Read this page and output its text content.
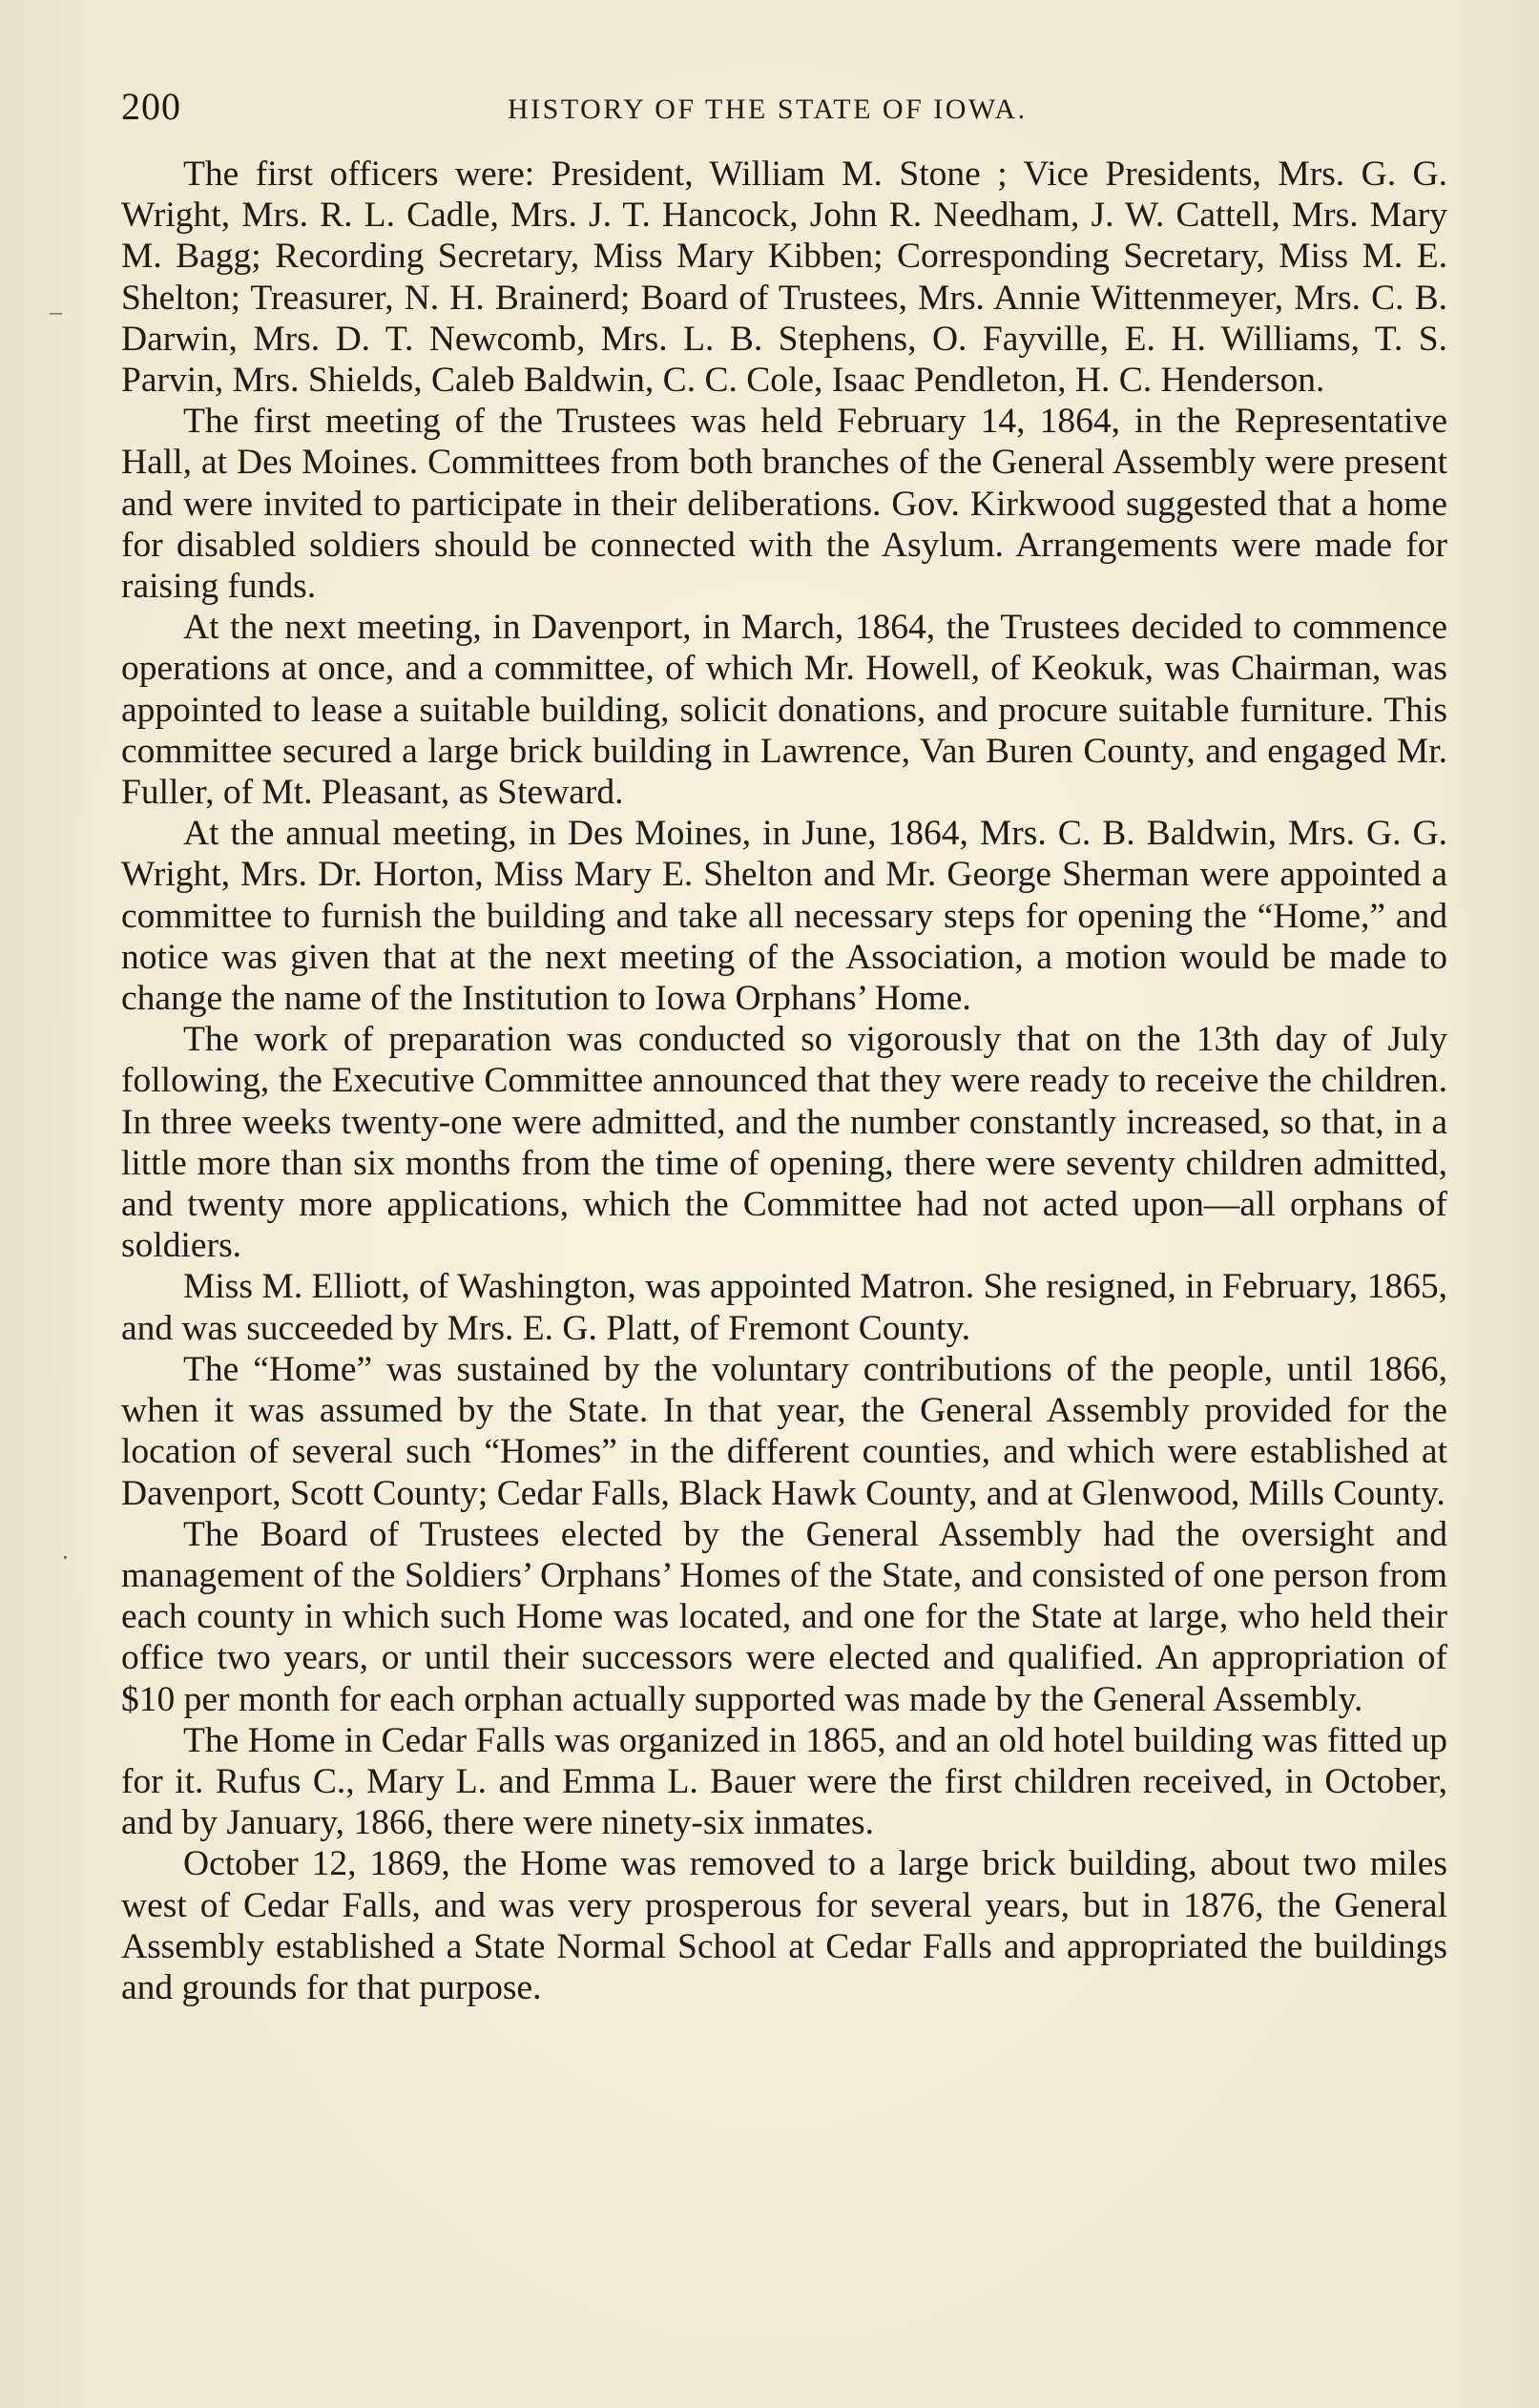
200	HISTORY OF THE STATE OF IOWA.
–
·

The first officers were: President, William M. Stone ; Vice Presidents, Mrs. G. G. Wright, Mrs. R. L. Cadle, Mrs. J. T. Hancock, John R. Needham, J. W. Cattell, Mrs. Mary M. Bagg; Recording Secretary, Miss Mary Kibben; Corresponding Secretary, Miss M. E. Shelton; Treasurer, N. H. Brainerd; Board of Trustees, Mrs. Annie Wittenmeyer, Mrs. C. B. Darwin, Mrs. D. T. Newcomb, Mrs. L. B. Stephens, O. Fayville, E. H. Williams, T. S. Parvin, Mrs. Shields, Caleb Baldwin, C. C. Cole, Isaac Pendleton, H. C. Henderson.

The first meeting of the Trustees was held February 14, 1864, in the Representative Hall, at Des Moines. Committees from both branches of the General Assembly were present and were invited to participate in their deliberations. Gov. Kirkwood suggested that a home for disabled soldiers should be connected with the Asylum. Arrangements were made for raising funds.

At the next meeting, in Davenport, in March, 1864, the Trustees decided to commence operations at once, and a committee, of which Mr. Howell, of Keokuk, was Chairman, was appointed to lease a suitable building, solicit donations, and procure suitable furniture. This committee secured a large brick building in Lawrence, Van Buren County, and engaged Mr. Fuller, of Mt. Pleasant, as Steward.

At the annual meeting, in Des Moines, in June, 1864, Mrs. C. B. Baldwin, Mrs. G. G. Wright, Mrs. Dr. Horton, Miss Mary E. Shelton and Mr. George Sherman were appointed a committee to furnish the building and take all necessary steps for opening the “Home,” and notice was given that at the next meeting of the Association, a motion would be made to change the name of the Institution to Iowa Orphans’ Home.

The work of preparation was conducted so vigorously that on the 13th day of July following, the Executive Committee announced that they were ready to receive the children. In three weeks twenty-one were admitted, and the number constantly increased, so that, in a little more than six months from the time of opening, there were seventy children admitted, and twenty more applications, which the Committee had not acted upon—all orphans of soldiers.

Miss M. Elliott, of Washington, was appointed Matron. She resigned, in February, 1865, and was succeeded by Mrs. E. G. Platt, of Fremont County.

The “Home” was sustained by the voluntary contributions of the people, until 1866, when it was assumed by the State. In that year, the General Assembly provided for the location of several such “Homes” in the different counties, and which were established at Davenport, Scott County; Cedar Falls, Black Hawk County, and at Glenwood, Mills County.

The Board of Trustees elected by the General Assembly had the oversight and management of the Soldiers’ Orphans’ Homes of the State, and consisted of one person from each county in which such Home was located, and one for the State at large, who held their office two years, or until their successors were elected and qualified. An appropriation of $10 per month for each orphan actually supported was made by the General Assembly.

The Home in Cedar Falls was organized in 1865, and an old hotel building was fitted up for it. Rufus C., Mary L. and Emma L. Bauer were the first children received, in October, and by January, 1866, there were ninety-six inmates.

October 12, 1869, the Home was removed to a large brick building, about two miles west of Cedar Falls, and was very prosperous for several years, but in 1876, the General Assembly established a State Normal School at Cedar Falls and appropriated the buildings and grounds for that purpose.
